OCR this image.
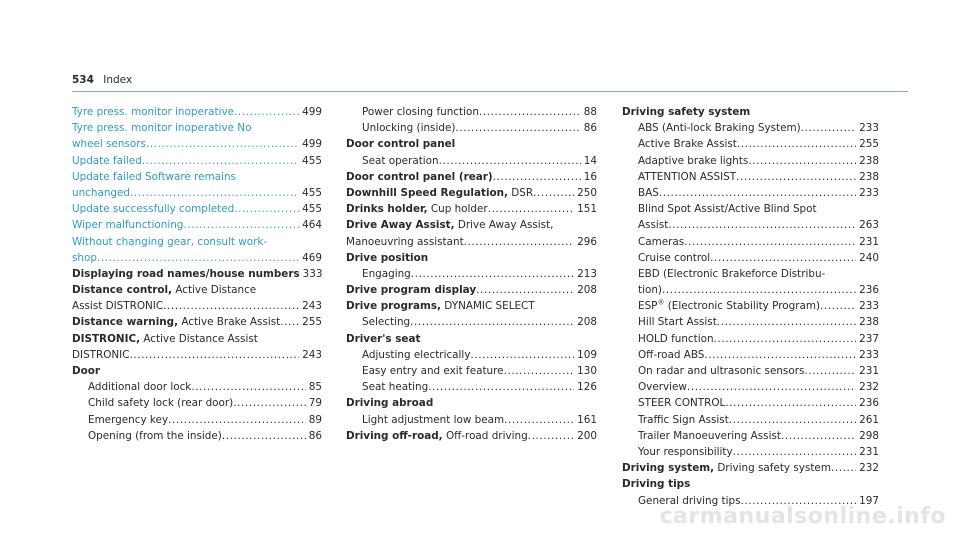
534 Index
Tyre press. monitor inoperative .....	499
Tyre press. monitor inoperative No
wheel sensors .....	499
Update failed .....	455
Update failed Software remains
unchanged .....	455
Update successfully completed .....	455
Wiper malfunctioning .....	464
Without changing gear, consult work-
shop .....	469
Displaying road names/house numbers 333
Distance control, Active Distance
Assist DISTRONIC .....	243
Distance warning, Active Brake Assist ..... 255
DISTRONIC, Active Distance Assist
DISTRONIC .....	243
Door
Additional door lock .....	85
Child safety lock (rear door) .....	79
Emergency key .....	89
Opening (from the inside) .....	86
Power closing function .....	88
Unlocking (inside) .....	86
Door control panel
Seat operation .....	14
Door control panel (rear) .....	16
Downhill Speed Regulation, DSR .....	250
Drinks holder, Cup holder .....	151
Drive Away Assist, Drive Away Assist,
Manoeuvring assistant .....	296
Drive position
Engaging .....	213
Drive program display .....	208
Drive programs, DYNAMIC SELECT
Selecting .....	208
Driver's seat
Adjusting electrically .....	109
Easy entry and exit feature .....	130
Seat heating .....	126
Driving abroad
Light adjustment low beam .....	161
Driving off-road, Off-road driving .....	200
Driving safety system
ABS (Anti-lock Braking System) .....	233
Active Brake Assist .....	255
Adaptive brake lights .....	238
ATTENTION ASSIST .....	238
BAS .....	233
Blind Spot Assist/Active Blind Spot
Assist .....	263
Cameras .....	231
Cruise control .....	240
EBD (Electronic Brakeforce Distribu-
tion) .....	236
ESP® (Electronic Stability Program) .....	233
Hill Start Assist .....	238
HOLD function .....	237
Off-road ABS .....	233
On radar and ultrasonic sensors .....	231
Overview .....	232
STEER CONTROL .....	236
Traffic Sign Assist .....	261
Trailer Manoeuvering Assist .....	298
Your responsibility .....	231
Driving system, Driving safety system .....	232
Driving tips
General driving tips .....	197
carmanualsonline.info
